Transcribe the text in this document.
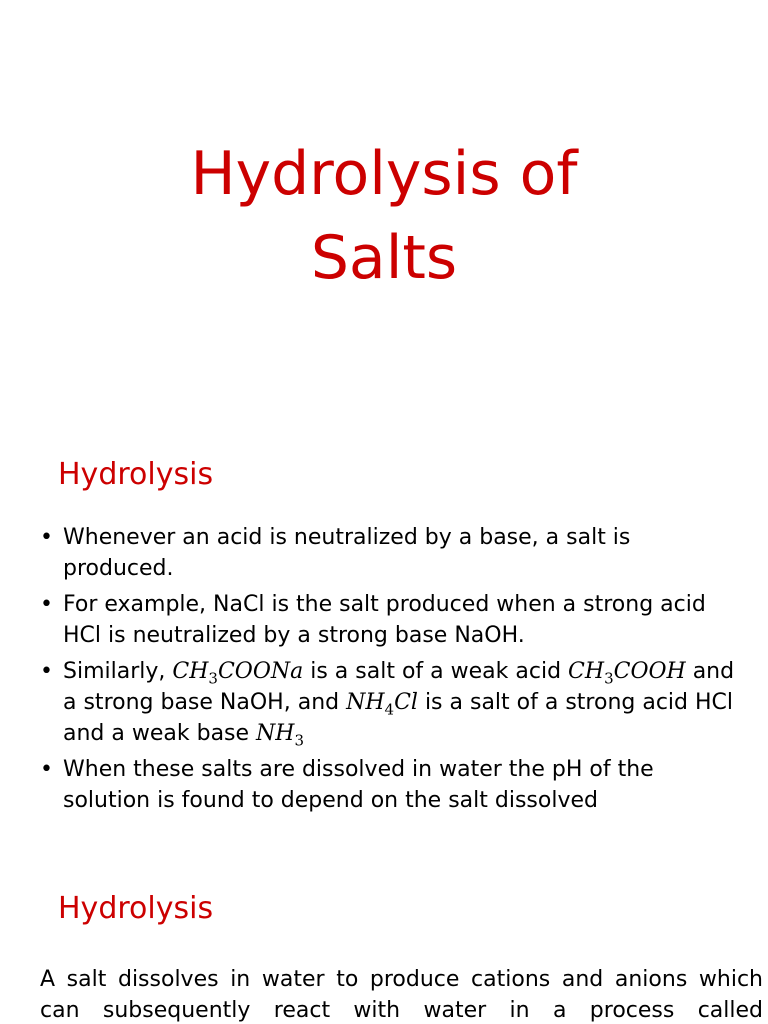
Hydrolysis of
Salts
Hydrolysis
• Whenever an acid is neutralized by a base, a salt is produced.
• For example, NaCl is the salt produced when a strong acid HCl is neutralized by a strong base NaOH.
• Similarly, $CH_3COONa$ is a salt of a weak acid $CH_3COOH$ and a strong base NaOH, and $NH_4Cl$ is a salt of a strong acid HCl and a weak base $NH_3$
• When these salts are dissolved in water the pH of the solution is found to depend on the salt dissolved
Hydrolysis

A salt dissolves in water to produce cations and anions which can subsequently react with water in a process called
